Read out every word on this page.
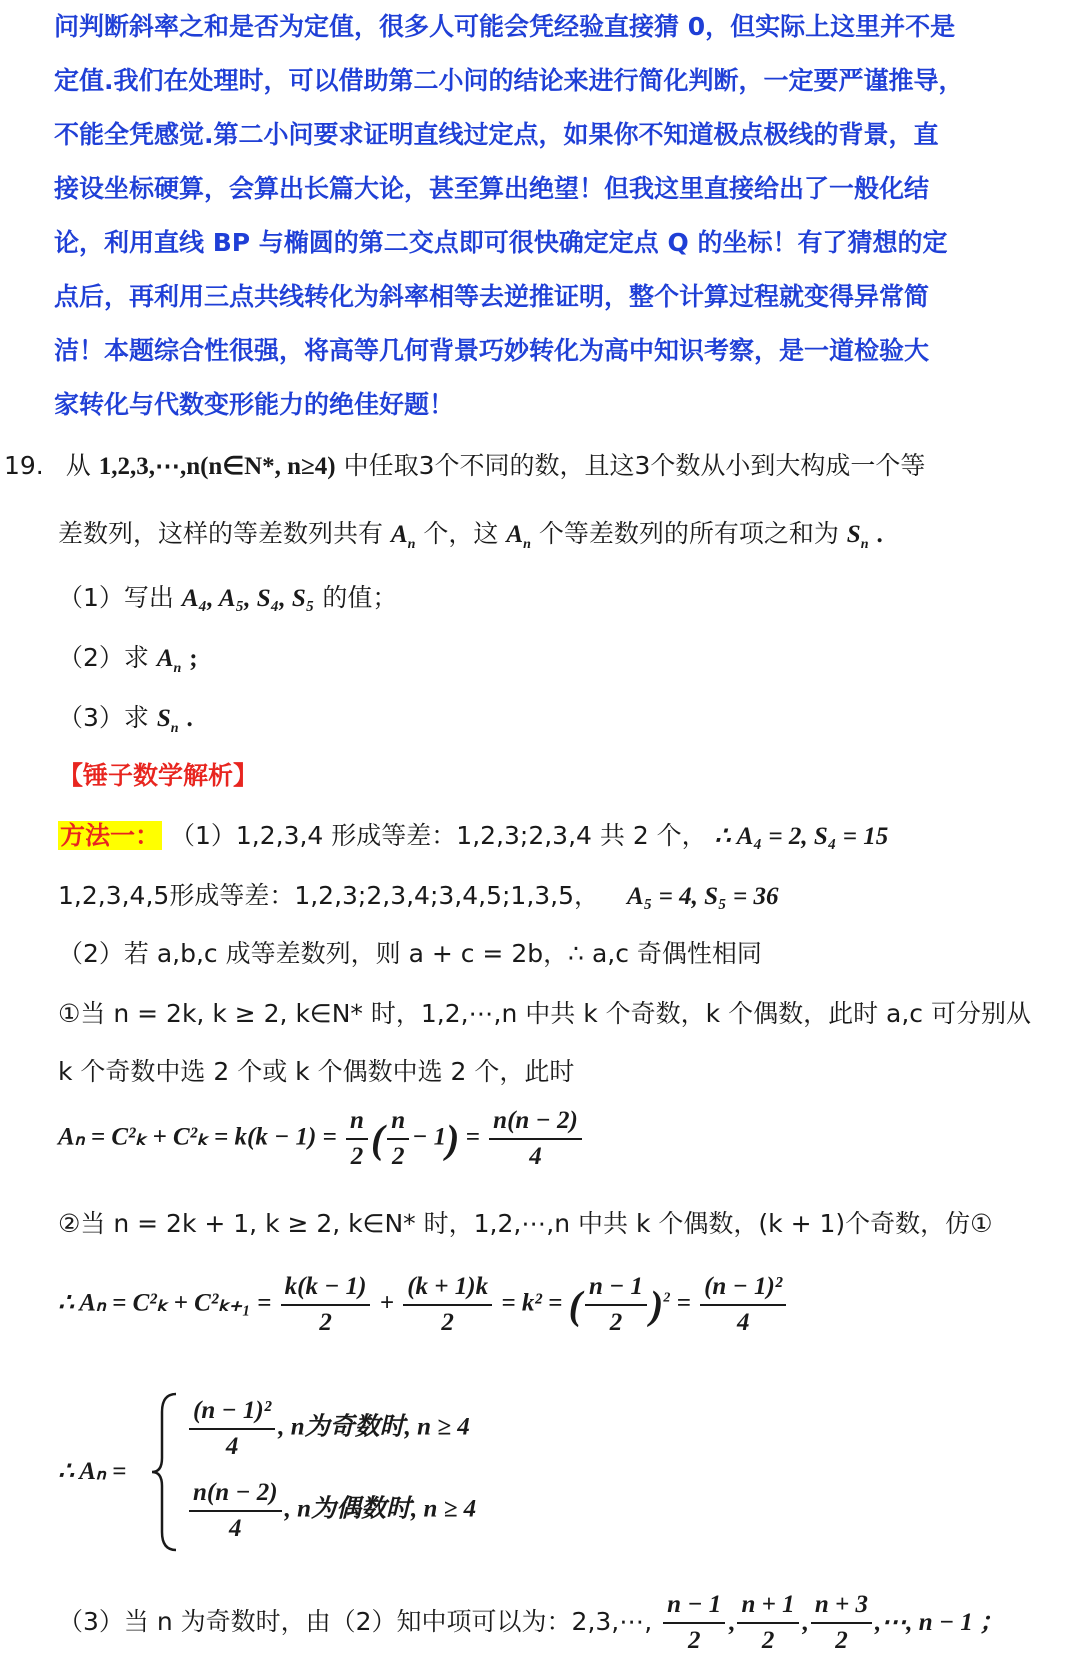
问判断斜率之和是否为定值，很多人可能会凭经验直接猜 0，但实际上这里并不是
定值.我们在处理时，可以借助第二小问的结论来进行简化判断，一定要严谨推导，
不能全凭感觉.第二小问要求证明直线过定点，如果你不知道极点极线的背景，直
接设坐标硬算，会算出长篇大论，甚至算出绝望！但我这里直接给出了一般化结
论，利用直线 BP 与椭圆的第二交点即可很快确定定点 Q 的坐标！有了猜想的定
点后，再利用三点共线转化为斜率相等去逆推证明，整个计算过程就变得异常简
洁！本题综合性很强，将高等几何背景巧妙转化为高中知识考察，是一道检验大
家转化与代数变形能力的绝佳好题！
19. 从 1,2,3,⋯,n(n∈N*, n≥4) 中任取3个不同的数，且这3个数从小到大构成一个等
差数列，这样的等差数列共有 $A_n$ 个，这 $A_n$ 个等差数列的所有项之和为 $S_n$ .
（1）写出 A₄, A₅, S₄, S₅ 的值；
（2）求 $A_n$ ;
（3）求 $S_n$ .
【锤子数学解析】
方法一： （1）1,2,3,4 形成等差：1,2,3;2,3,4 共 2 个， ∴ A₄ = 2, S₄ = 15
1,2,3,4,5形成等差：1,2,3;2,3,4;3,4,5;1,3,5， A₅ = 4, S₅ = 36
（2）若 a,b,c 成等差数列，则 a + c = 2b，∴ a,c 奇偶性相同
①当 n = 2k, k ≥ 2, k∈N* 时，1,2,⋯,n 中共 k 个奇数，k 个偶数，此时 a,c 可分别从
k 个奇数中选 2 个或 k 个偶数中选 2 个，此时
$A_n = C^2_k + C^2_k = k(k - 1) = \frac{n}{2}$ ( $\frac{n}{2} - 1) = \frac{n(n - 2)}{4}$
②当 n = 2k + 1, k ≥ 2, k∈N* 时，1,2,⋯,n 中共 k 个偶数，(k + 1)个奇数，仿①
∴ $A_n = C^2_k + C^2_{k+1} = \frac{k(k - 1)}{2} + \frac{(k + 1)k}{2} = k^2$ = ( $\frac{n - 1}{2} )^2 = \frac{\text{(n − 1)²}}{4}$
∴ Aₙ =
$\frac{\text{(n − 1)²}}{4}$ , n为奇数时, n ≥ 4
$\frac{n(n - 2)}{4}$ , n为偶数时, n ≥ 4
（3）当 n 为奇数时，由（2）知中项可以为：2,3,⋯, $\frac{n - 1}{2}$ , $\frac{n + 1}{2}$ , $\frac{n + 3}{2}$ ,⋯, n − 1 ；
